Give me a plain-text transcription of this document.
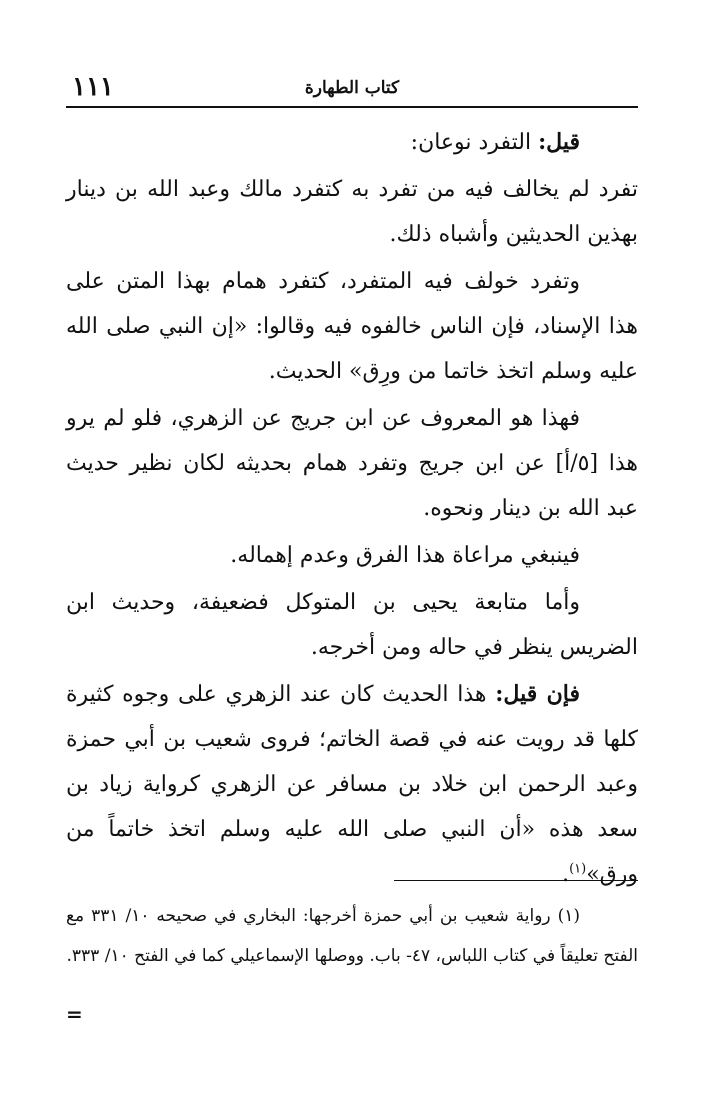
١١١	كتاب الطهارة

قيل: التفرد نوعان:

تفرد لم يخالف فيه من تفرد به كتفرد مالك وعبد الله بن دينار بهذين الحديثين وأشباه ذلك.

وتفرد خولف فيه المتفرد، كتفرد همام بهذا المتن على هذا الإسناد، فإن الناس خالفوه فيه وقالوا: «إن النبي صلى الله عليه وسلم اتخذ خاتما من ورِق» الحديث.

فهذا هو المعروف عن ابن جريج عن الزهري، فلو لم يرو هذا [٥/أ] عن ابن جريج وتفرد همام بحديثه لكان نظير حديث عبد الله بن دينار ونحوه.

فينبغي مراعاة هذا الفرق وعدم إهماله.

وأما متابعة يحيى بن المتوكل فضعيفة، وحديث ابن الضريس ينظر في حاله ومن أخرجه.

فإن قيل: هذا الحديث كان عند الزهري على وجوه كثيرة كلها قد رويت عنه في قصة الخاتم؛ فروى شعيب بن أبي حمزة وعبد الرحمن ابن خلاد بن مسافر عن الزهري كرواية زياد بن سعد هذه «أن النبي صلى الله عليه وسلم اتخذ خاتماً من ورق»$^{(١)}$.

(١) رواية شعيب بن أبي حمزة أخرجها: البخاري في صحيحه ١٠/ ٣٣١ مع الفتح تعليقاً في كتاب اللباس، ٤٧- باب. ووصلها الإسماعيلي كما في الفتح ١٠/ ٣٣٣.

=
